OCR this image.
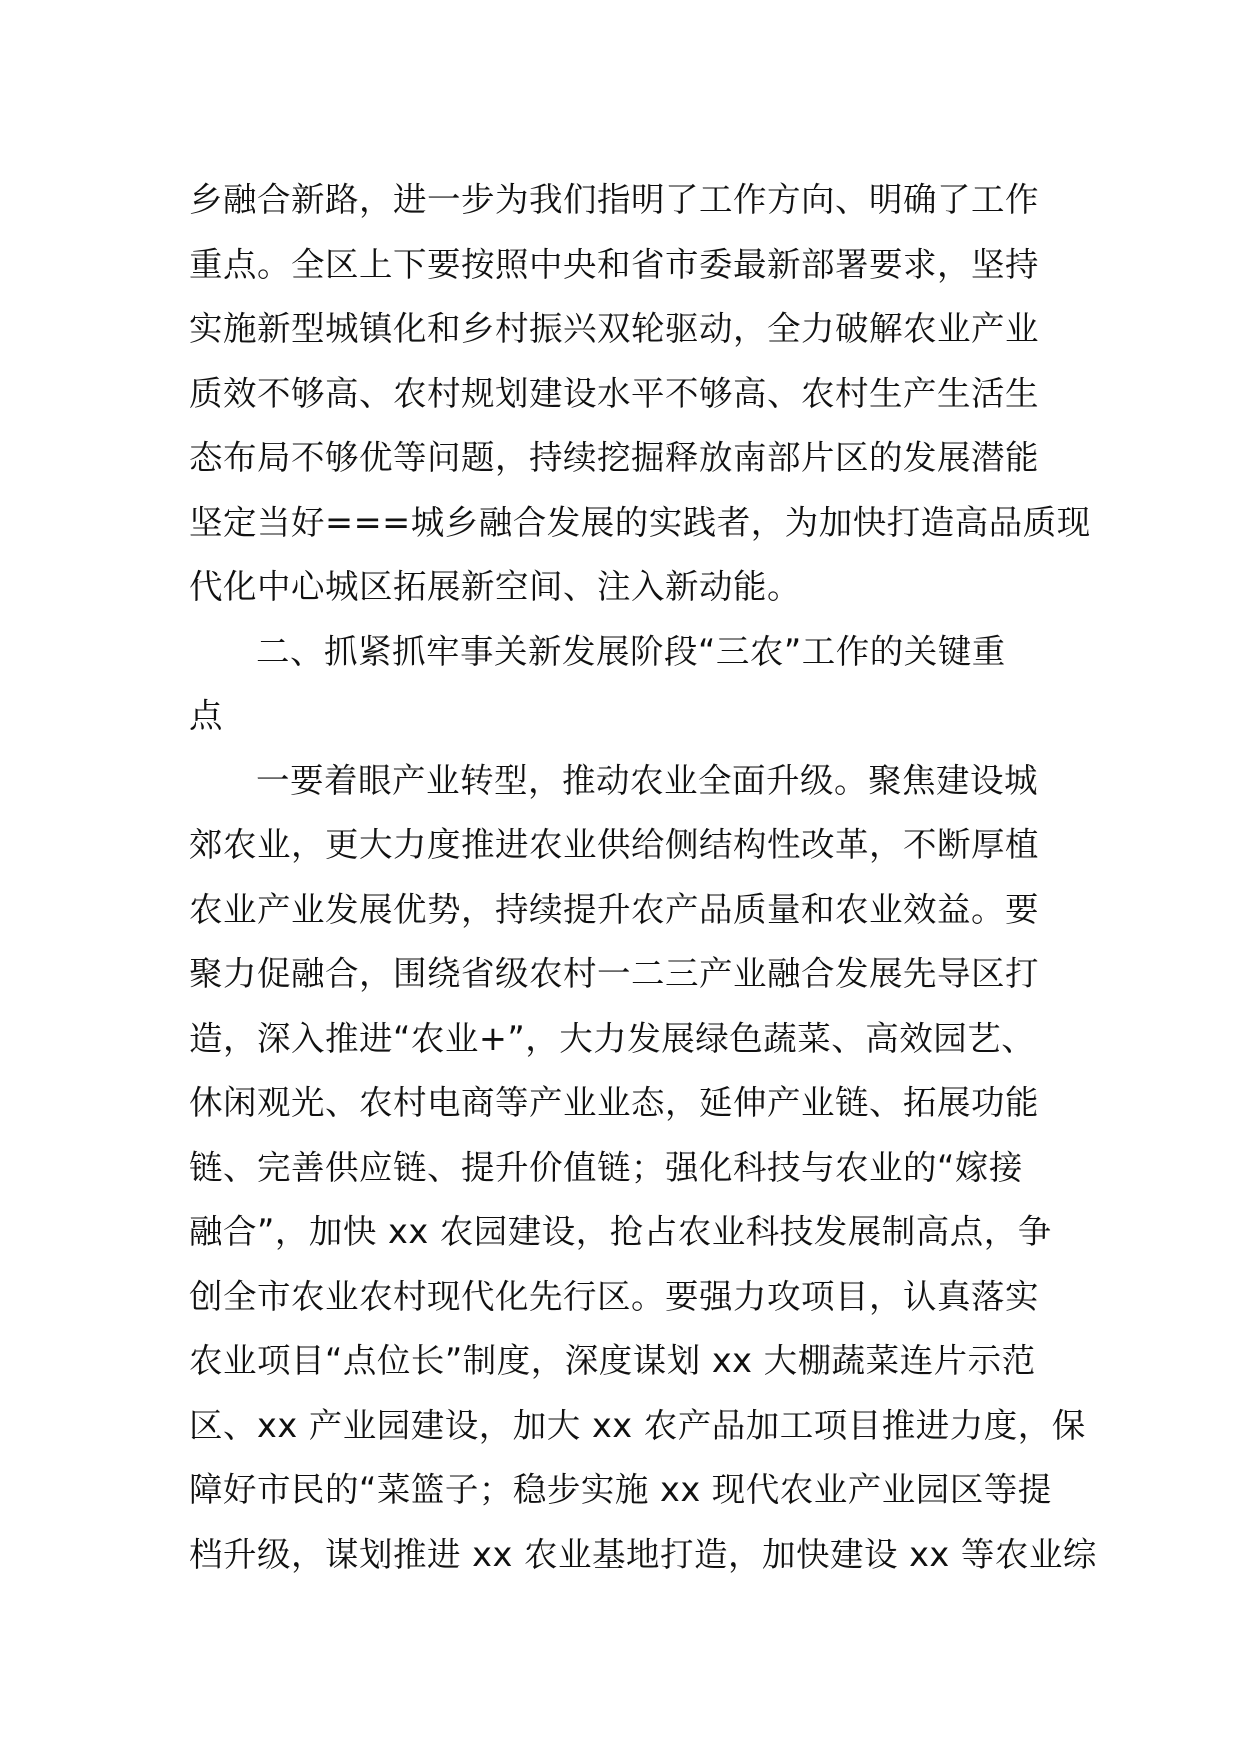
乡融合新路，进一步为我们指明了工作方向、明确了工作
重点。全区上下要按照中央和省市委最新部署要求，坚持
实施新型城镇化和乡村振兴双轮驱动，全力破解农业产业
质效不够高、农村规划建设水平不够高、农村生产生活生
态布局不够优等问题，持续挖掘释放南部片区的发展潜能
坚定当好===城乡融合发展的实践者，为加快打造高品质现
代化中心城区拓展新空间、注入新动能。
二、抓紧抓牢事关新发展阶段“三农”工作的关键重
点
一要着眼产业转型，推动农业全面升级。聚焦建设城
郊农业，更大力度推进农业供给侧结构性改革，不断厚植
农业产业发展优势，持续提升农产品质量和农业效益。要
聚力促融合，围绕省级农村一二三产业融合发展先导区打
造，深入推进“农业+”，大力发展绿色蔬菜、高效园艺、
休闲观光、农村电商等产业业态，延伸产业链、拓展功能
链、完善供应链、提升价值链；强化科技与农业的“嫁接
融合”，加快 xx 农园建设，抢占农业科技发展制高点，争
创全市农业农村现代化先行区。要强力攻项目，认真落实
农业项目“点位长”制度，深度谋划 xx 大棚蔬菜连片示范
区、xx 产业园建设，加大 xx 农产品加工项目推进力度，保
障好市民的“菜篮子；稳步实施 xx 现代农业产业园区等提
档升级，谋划推进 xx 农业基地打造，加快建设 xx 等农业综
